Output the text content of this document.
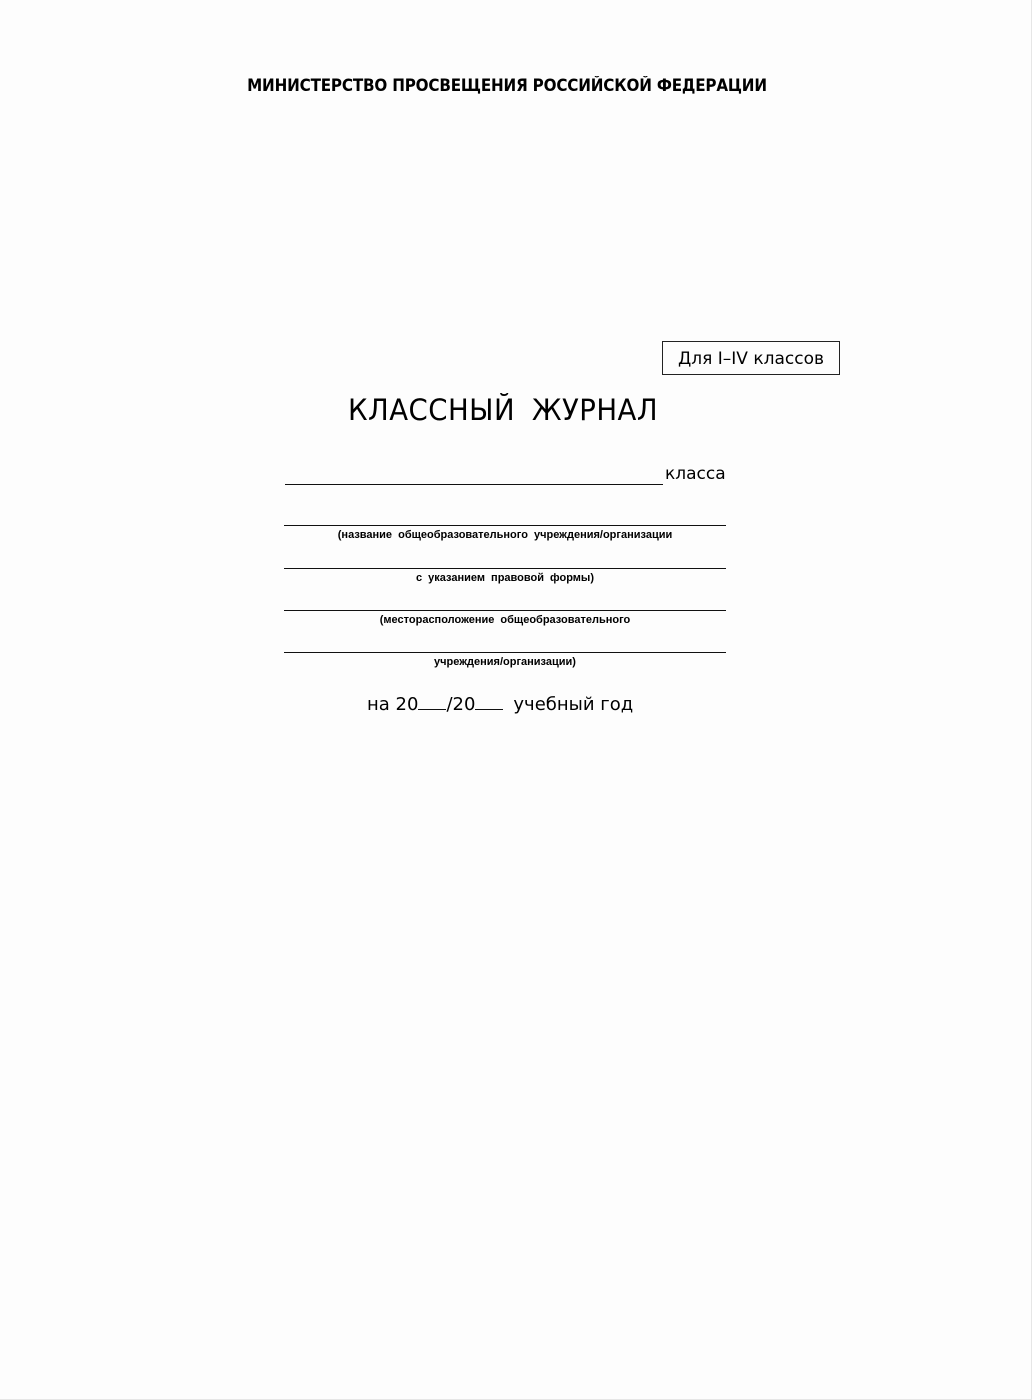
МИНИСТЕРСТВО ПРОСВЕЩЕНИЯ РОССИЙСКОЙ ФЕДЕРАЦИИ
Для I–IV классов
КЛАССНЫЙ ЖУРНАЛ
класса
(название общеобразовательного учреждения/организации
с указанием правовой формы)
(месторасположение общеобразовательного
учреждения/организации)
на 20 /20 учебный год
